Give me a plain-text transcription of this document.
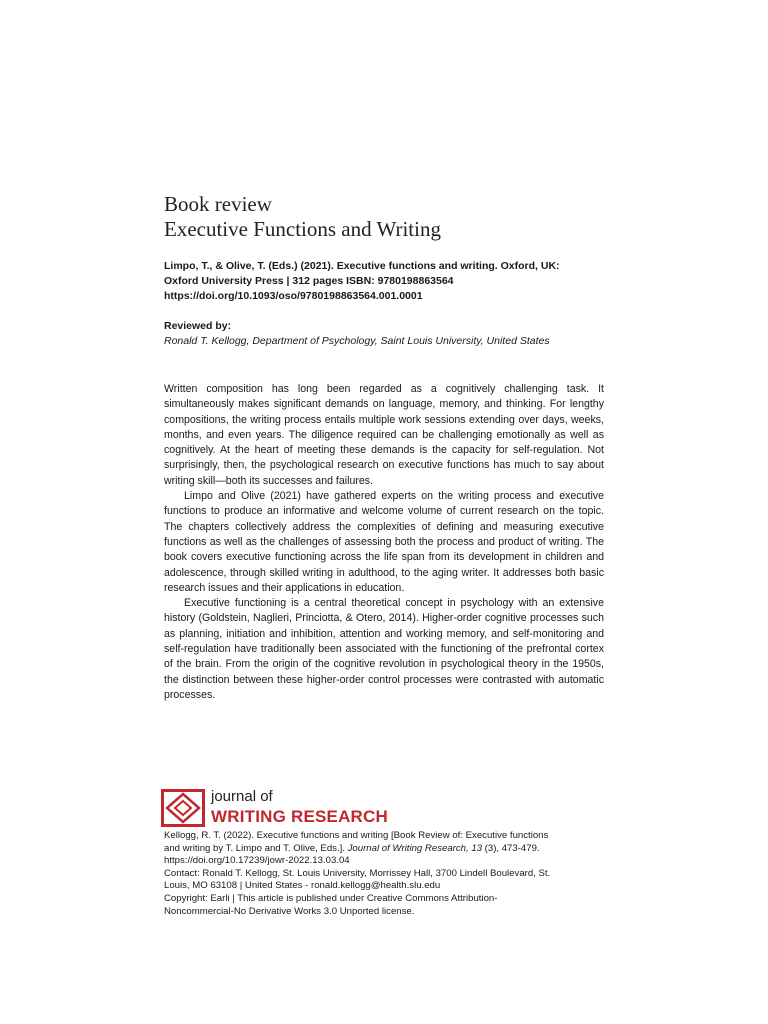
Book review
Executive Functions and Writing
Limpo, T., & Olive, T. (Eds.) (2021). Executive functions and writing. Oxford, UK:
Oxford University Press | 312 pages ISBN: 9780198863564
https://doi.org/10.1093/oso/9780198863564.001.0001
Reviewed by:
Ronald T. Kellogg, Department of Psychology, Saint Louis University, United States

Written composition has long been regarded as a cognitively challenging task. It simultaneously makes significant demands on language, memory, and thinking. For lengthy compositions, the writing process entails multiple work sessions extending over days, weeks, months, and even years. The diligence required can be challenging emotionally as well as cognitively. At the heart of meeting these demands is the capacity for self-regulation. Not surprisingly, then, the psychological research on executive functions has much to say about writing skill—both its successes and failures.

Limpo and Olive (2021) have gathered experts on the writing process and executive functions to produce an informative and welcome volume of current research on the topic. The chapters collectively address the complexities of defining and measuring executive functions as well as the challenges of assessing both the process and product of writing. The book covers executive functioning across the life span from its development in children and adolescence, through skilled writing in adulthood, to the aging writer. It addresses both basic research issues and their applications in education.

Executive functioning is a central theoretical concept in psychology with an extensive history (Goldstein, Naglieri, Princiotta, & Otero, 2014). Higher-order cognitive processes such as planning, initiation and inhibition, attention and working memory, and self-monitoring and self-regulation have traditionally been associated with the functioning of the prefrontal cortex of the brain. From the origin of the cognitive revolution in psychological theory in the 1950s, the distinction between these higher-order control processes were contrasted with automatic processes.

journal of
WRITING RESEARCH
Kellogg, R. T. (2022). Executive functions and writing [Book Review of: Executive functions
and writing by T. Limpo and T. Olive, Eds.]. Journal of Writing Research, 13 (3), 473-479.
https://doi.org/10.17239/jowr-2022.13.03.04
Contact: Ronald T. Kellogg, St. Louis University, Morrissey Hall, 3700 Lindell Boulevard, St.
Louis, MO 63108 | United States - ronald.kellogg@health.slu.edu
Copyright: Earli | This article is published under Creative Commons Attribution-
Noncommercial-No Derivative Works 3.0 Unported license.
